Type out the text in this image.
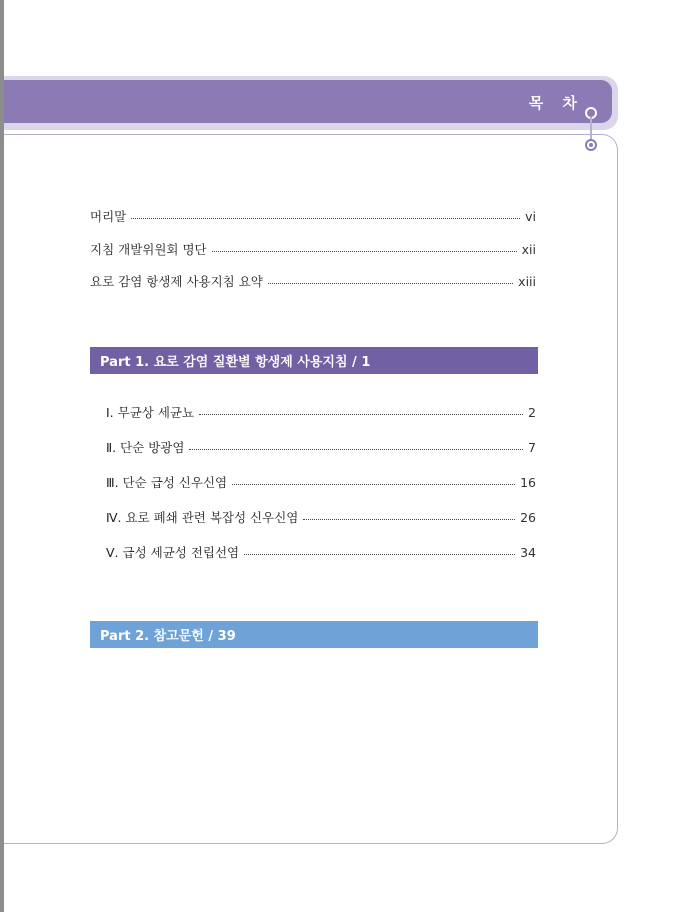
목 차
머리말	vi
지침 개발위원회 명단	xii
요로 감염 항생제 사용지침 요약	xiii
Part 1. 요로 감염 질환별 항생제 사용지침 / 1
Ⅰ. 무균상 세균뇨	2
Ⅱ. 단순 방광염	7
Ⅲ. 단순 급성 신우신염	16
Ⅳ. 요로 폐쇄 관련 복잡성 신우신염	26
Ⅴ. 급성 세균성 전립선염	34
Part 2. 참고문헌 / 39
